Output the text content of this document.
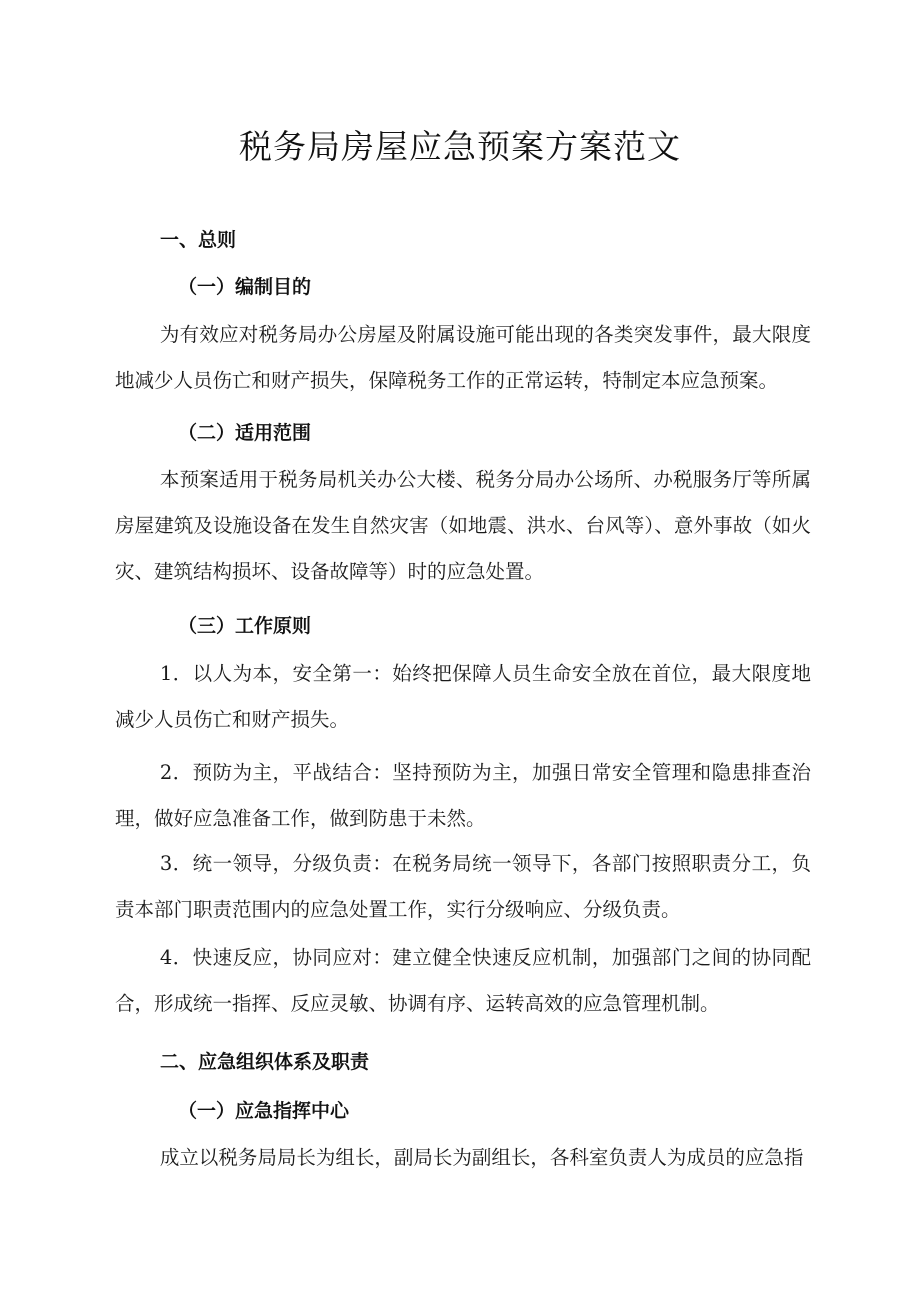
税务局房屋应急预案方案范文
一、总则
（一）编制目的

为有效应对税务局办公房屋及附属设施可能出现的各类突发事件，最大限度地减少人员伤亡和财产损失，保障税务工作的正常运转，特制定本应急预案。

（二）适用范围

本预案适用于税务局机关办公大楼、税务分局办公场所、办税服务厅等所属房屋建筑及设施设备在发生自然灾害（如地震、洪水、台风等）、意外事故（如火灾、建筑结构损坏、设备故障等）时的应急处置。

（三）工作原则

1．以人为本，安全第一：始终把保障人员生命安全放在首位，最大限度地减少人员伤亡和财产损失。

2．预防为主，平战结合：坚持预防为主，加强日常安全管理和隐患排查治理，做好应急准备工作，做到防患于未然。

3．统一领导，分级负责：在税务局统一领导下，各部门按照职责分工，负责本部门职责范围内的应急处置工作，实行分级响应、分级负责。

4．快速反应，协同应对：建立健全快速反应机制，加强部门之间的协同配合，形成统一指挥、反应灵敏、协调有序、运转高效的应急管理机制。

二、应急组织体系及职责
（一）应急指挥中心

成立以税务局局长为组长，副局长为副组长，各科室负责人为成员的应急指
